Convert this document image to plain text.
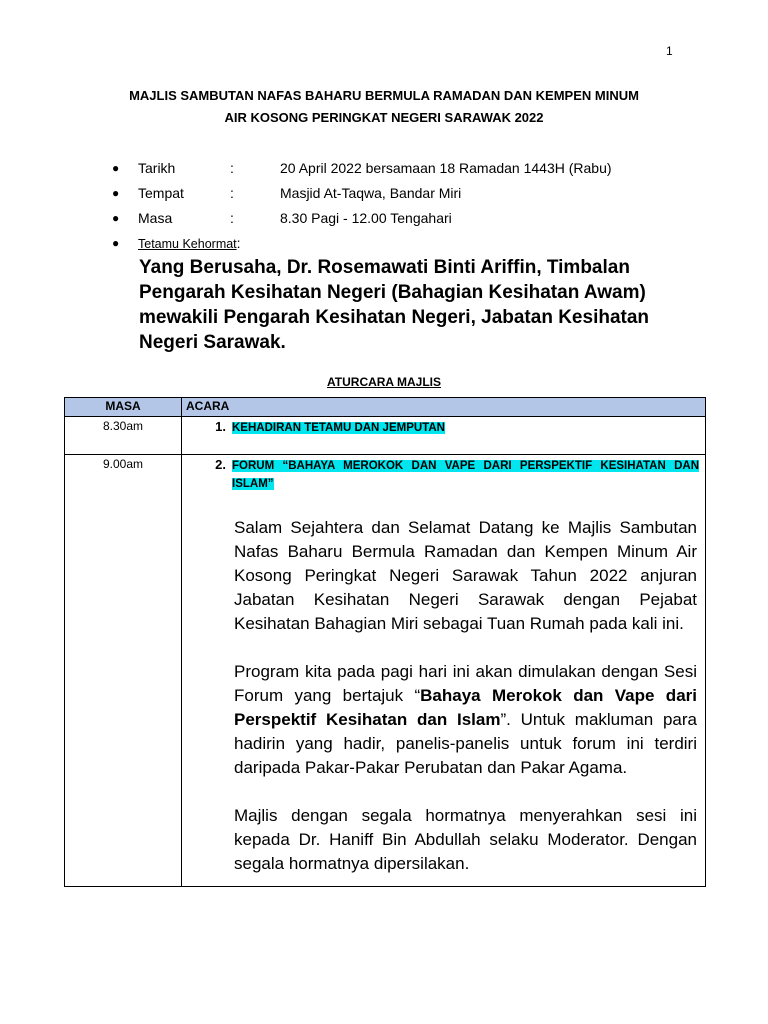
1
MAJLIS SAMBUTAN NAFAS BAHARU BERMULA RAMADAN DAN KEMPEN MINUM
AIR KOSONG PERINGKAT NEGERI SARAWAK 2022
●	Tarikh	:	20 April 2022 bersamaan 18 Ramadan 1443H (Rabu)
●	Tempat	:	Masjid At-Taqwa, Bandar Miri
●	Masa	:	8.30 Pagi - 12.00 Tengahari
●	Tetamu Kehormat:
Yang Berusaha, Dr. Rosemawati Binti Ariffin, Timbalan Pengarah Kesihatan Negeri (Bahagian Kesihatan Awam) mewakili Pengarah Kesihatan Negeri, Jabatan Kesihatan Negeri Sarawak.
ATURCARA MAJLIS
MASA	ACARA
8.30am	1. KEHADIRAN TETAMU DAN JEMPUTAN

9.00am	2. FORUM “BAHAYA MEROKOK DAN VAPE DARI PERSPEKTIF KESIHATAN DAN ISLAM”

Salam Sejahtera dan Selamat Datang ke Majlis Sambutan Nafas Baharu Bermula Ramadan dan Kempen Minum Air Kosong Peringkat Negeri Sarawak Tahun 2022 anjuran Jabatan Kesihatan Negeri Sarawak dengan Pejabat Kesihatan Bahagian Miri sebagai Tuan Rumah pada kali ini.

Program kita pada pagi hari ini akan dimulakan dengan Sesi Forum yang bertajuk “Bahaya Merokok dan Vape dari Perspektif Kesihatan dan Islam”. Untuk makluman para hadirin yang hadir, panelis-panelis untuk forum ini terdiri daripada Pakar-Pakar Perubatan dan Pakar Agama.

Majlis dengan segala hormatnya menyerahkan sesi ini kepada Dr. Haniff Bin Abdullah selaku Moderator. Dengan segala hormatnya dipersilakan.
